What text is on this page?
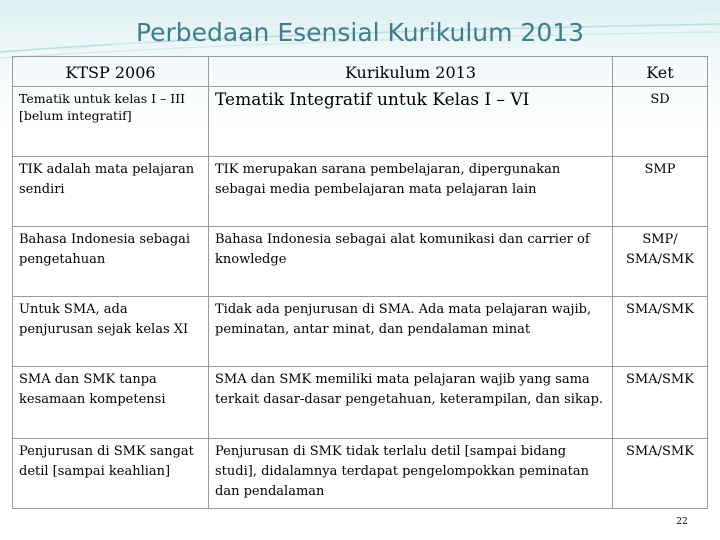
Perbedaan Esensial Kurikulum 2013
KTSP 2006	Kurikulum 2013	Ket
Tematik untuk kelas I – III [belum integratif]	Tematik Integratif untuk Kelas I – VI	SD
TIK adalah mata pelajaran sendiri	TIK merupakan sarana pembelajaran, dipergunakan sebagai media pembelajaran mata pelajaran lain	SMP
Bahasa Indonesia sebagai pengetahuan	Bahasa Indonesia sebagai alat komunikasi dan carrier of knowledge	SMP/ SMA/SMK
Untuk SMA, ada penjurusan sejak kelas XI	Tidak ada penjurusan di SMA. Ada mata pelajaran wajib, peminatan, antar minat, dan pendalaman minat	SMA/SMK
SMA dan SMK tanpa kesamaan kompetensi	SMA dan SMK memiliki mata pelajaran wajib yang sama terkait dasar-dasar pengetahuan, keterampilan, dan sikap.	SMA/SMK
Penjurusan di SMK sangat detil [sampai keahlian]	Penjurusan di SMK tidak terlalu detil [sampai bidang studi], didalamnya terdapat pengelompokkan peminatan dan pendalaman	SMA/SMK
22
